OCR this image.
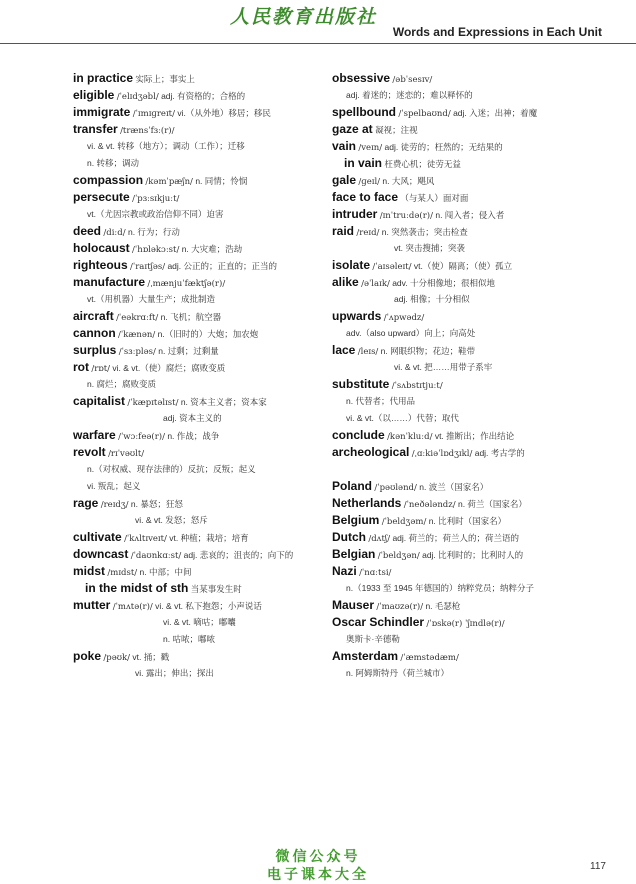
人民教育出版社
Words and Expressions in Each Unit
in practice 实际上；事实上
eligible /ˈelɪdʒəbl/ adj. 有资格的；合格的
immigrate /ˈɪmɪɡreɪt/ vi.（从外地）移居；移民
transfer /trænsˈfɜː(r)/
vi. & vt. 转移（地方）；调动（工作）；迁移
n. 转移；调动
compassion /kəmˈpæʃn/ n. 同情；怜悯
persecute /ˈpɜːsɪkjuːt/
vt.（尤因宗教或政治信仰不同）迫害
deed /diːd/ n. 行为；行动
holocaust /ˈhɒləkɔːst/ n. 大灾难；浩劫
righteous /ˈraɪtʃəs/ adj. 公正的；正直的；正当的
manufacture /ˌmænjuˈfæktʃə(r)/
vt.（用机器）大量生产；成批制造
aircraft /ˈeəkrɑːft/ n. 飞机；航空器
cannon /ˈkænən/ n.（旧时的）大炮；加农炮
surplus /ˈsɜːpləs/ n. 过剩；过剩量
rot /rɒt/ vi. & vt.（使）腐烂；腐败变质
n. 腐烂；腐败变质
capitalist /ˈkæpɪtəlɪst/ n. 资本主义者；资本家
adj. 资本主义的
warfare /ˈwɔːfeə(r)/ n. 作战；战争
revolt /rɪˈvəʊlt/
n.（对权威、现存法律的）反抗；反叛；起义
vi. 叛乱；起义
rage /reɪdʒ/ n. 暴怒；狂怒
vi. & vt. 发怒；怒斥
cultivate /ˈkʌltɪveɪt/ vt. 种植；栽培；培育
downcast /ˈdaʊnkɑːst/ adj. 悲哀的；沮丧的；向下的
midst /mɪdst/ n. 中部；中间
in the midst of sth 当某事发生时
mutter /ˈmʌtə(r)/ vi. & vt. 私下抱怨；小声说话
vi. & vt. 嘀咕；嘟囔
n. 咕哝；嘟哝
poke /pəʊk/ vt. 捅；戳
vi. 露出；伸出；探出
obsessive /əbˈsesɪv/
adj. 着迷的；迷恋的；难以释怀的
spellbound /ˈspelbaʊnd/ adj. 入迷；出神；着魔
gaze at 凝视；注视
vain /veɪn/ adj. 徒劳的；枉然的；无结果的
in vain 枉费心机；徒劳无益
gale /ɡeɪl/ n. 大风；飓风
face to face （与某人）面对面
intruder /ɪnˈtruːdə(r)/ n. 闯入者；侵入者
raid /reɪd/ n. 突然袭击；突击检查
vt. 突击搜捕；突袭
isolate /ˈaɪsəleɪt/ vt.（使）隔离；（使）孤立
alike /əˈlaɪk/ adv. 十分相像地；很相似地
adj. 相像；十分相似
upwards /ˈʌpwədz/
adv.（also upward）向上；向高处
lace /leɪs/ n. 网眼织物；花边；鞋带
vi. & vt. 把……用带子系牢
substitute /ˈsʌbstɪtjuːt/
n. 代替者；代用品
vi. & vt.（以……）代替；取代
conclude /kənˈkluːd/ vt. 推断出；作出结论
archeological /ˌɑːkiəˈlɒdʒɪkl/ adj. 考古学的
Poland /ˈpəʊlənd/ n. 波兰（国家名）
Netherlands /ˈneðələndz/ n. 荷兰（国家名）
Belgium /ˈbeldʒəm/ n. 比利时（国家名）
Dutch /dʌtʃ/ adj. 荷兰的；荷兰人的；荷兰语的
Belgian /ˈbeldʒən/ adj. 比利时的；比利时人的
Nazi /ˈnɑːtsi/
n.（1933 至 1945 年德国的）纳粹党员；纳粹分子
Mauser /ˈmaʊzə(r)/ n. 毛瑟枪
Oscar Schindler /ˈɒskə(r) ˈʃɪndlə(r)/
奥斯卡·辛德勒
Amsterdam /ˈæmstədæm/
n. 阿姆斯特丹（荷兰城市）
微信公众号
电子课本大全
117
